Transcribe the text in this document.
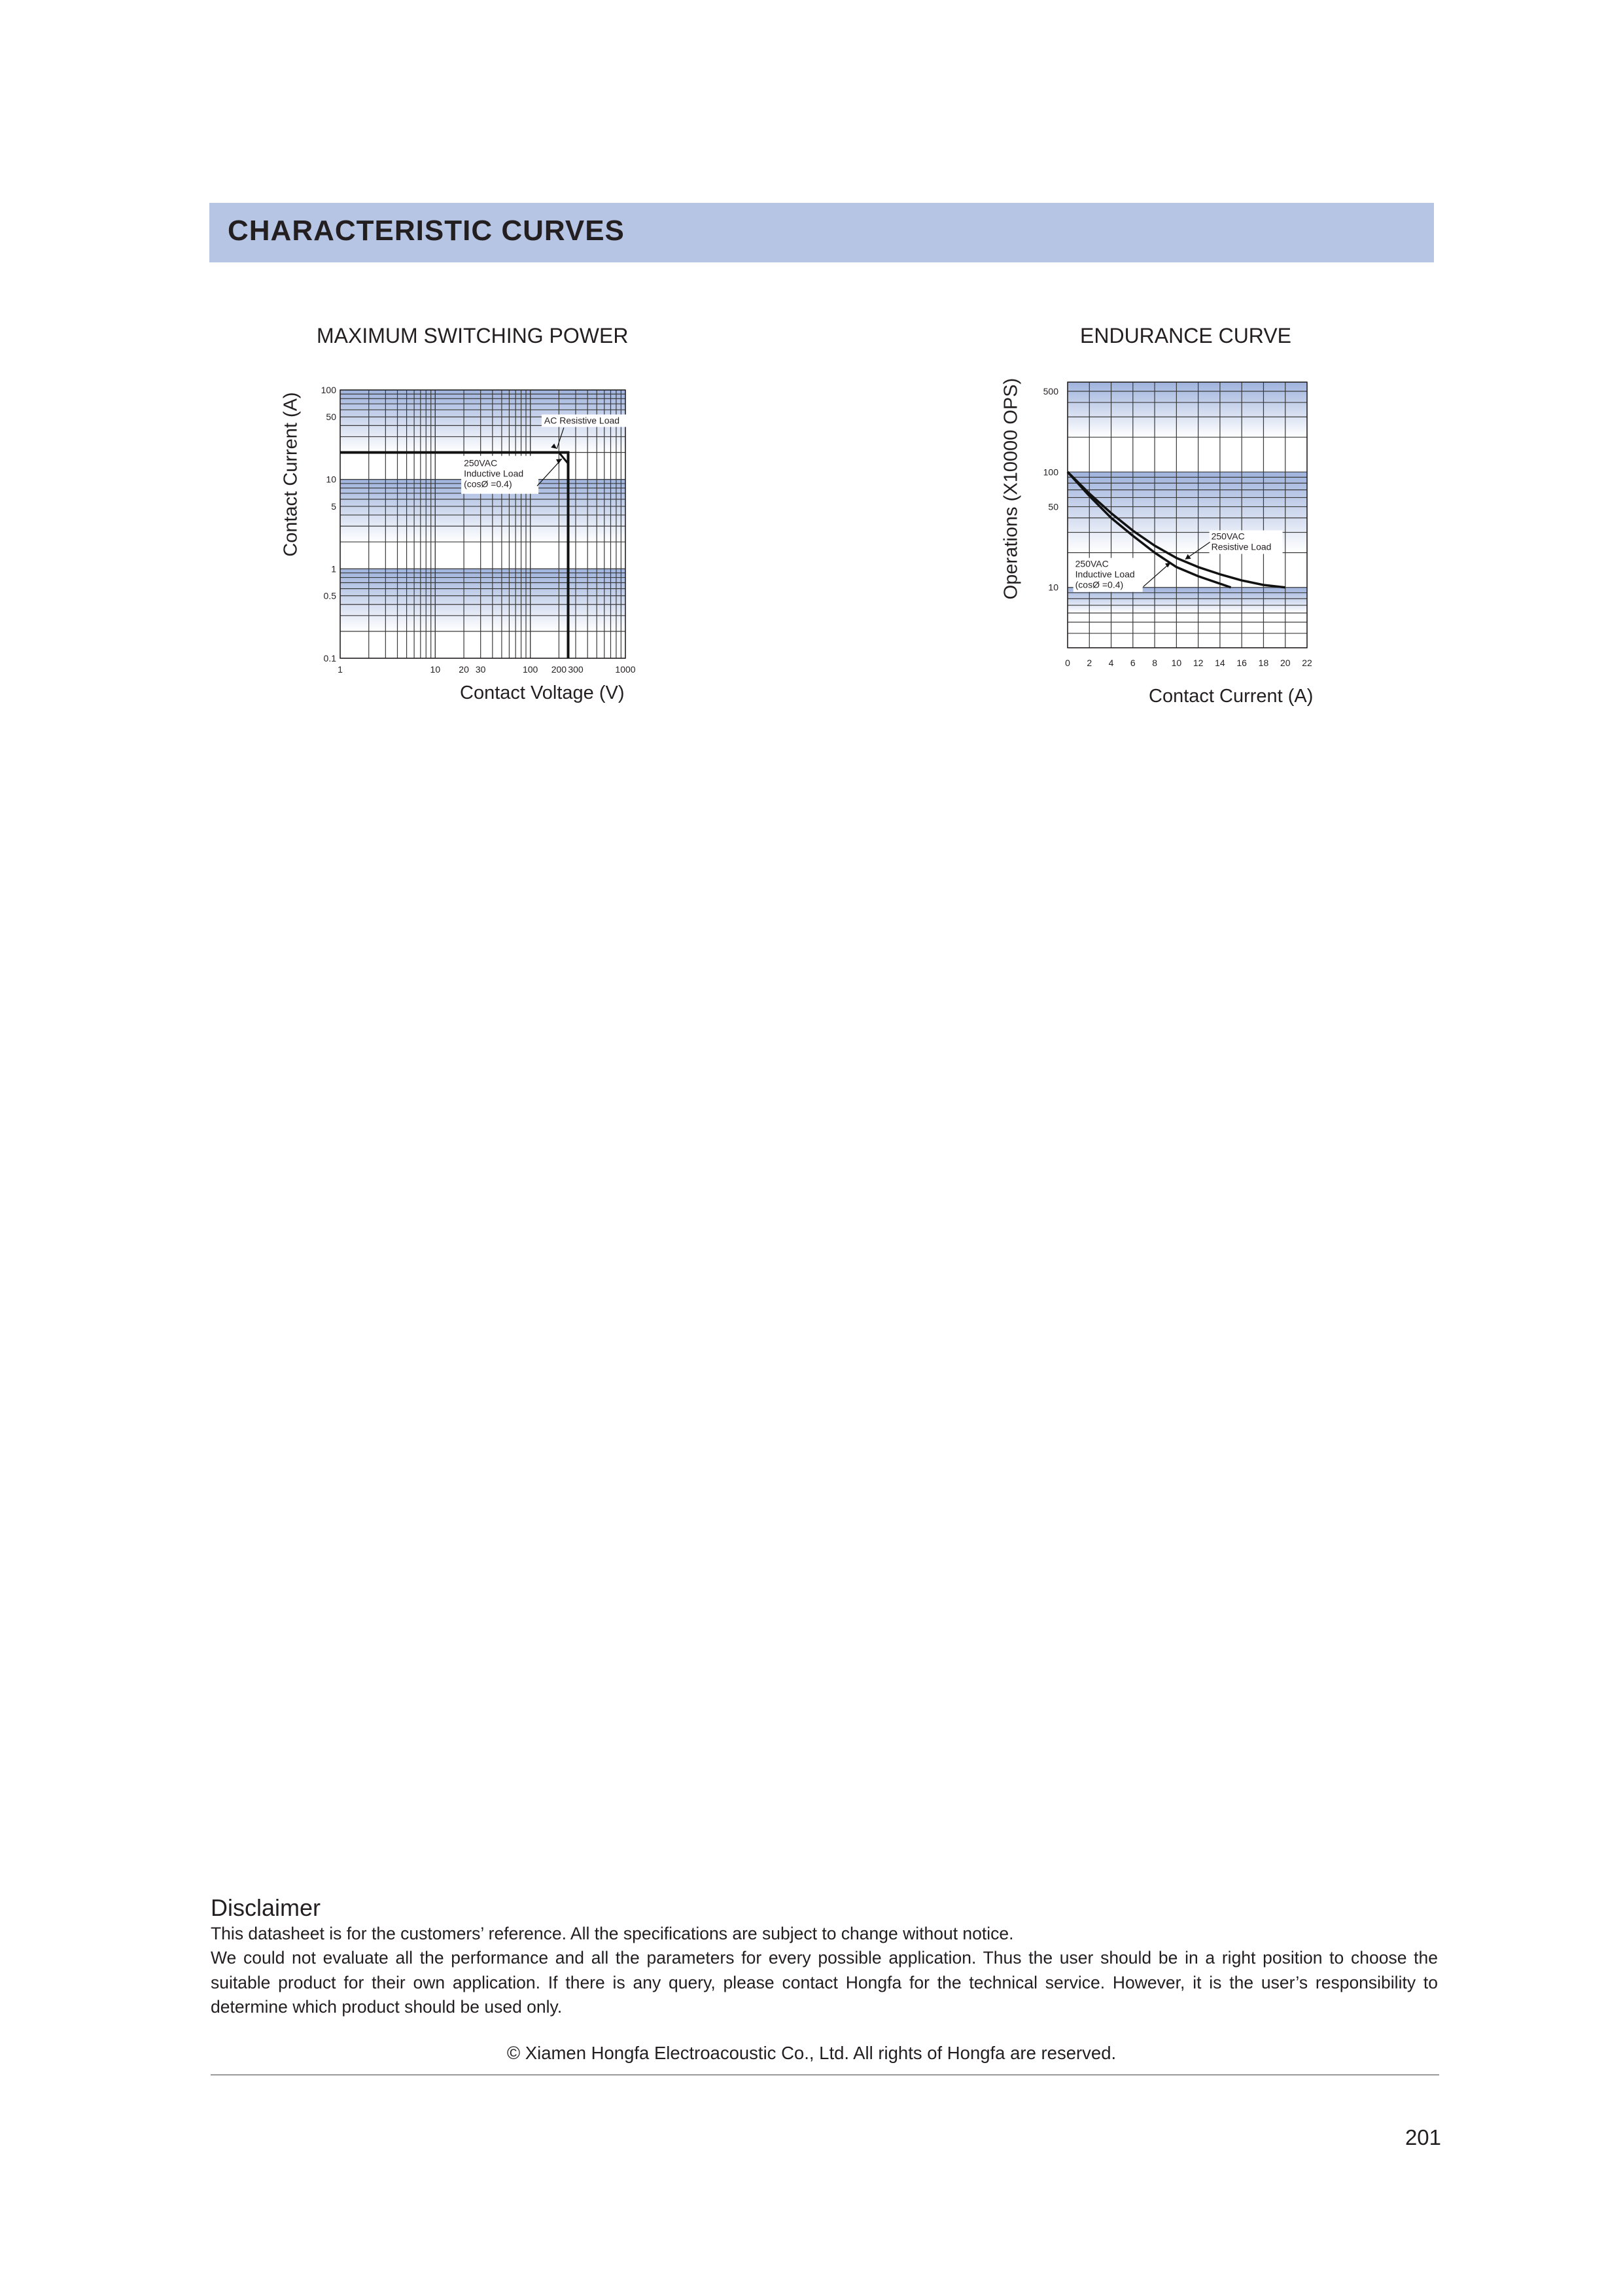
CHARACTERISTIC CURVES
MAXIMUM SWITCHING POWER
1	10 20 30	100 200 300	1000
0.1
0.5
1
5
10
50
100
AC Resistive Load
250VAC
Inductive Load
(cosØ =0.4)
Contact Voltage (V)
Contact Current (A)
ENDURANCE CURVE
0 2 4 6 8 10 12 14 16 18 20 22
10
50
100
500
250VAC
Resistive Load
250VAC
Inductive Load
(cosØ =0.4)
Contact Current (A)
Operations (X10000 OPS)
Disclaimer
This datasheet is for the customers’ reference. All the specifications are subject to change without notice.
We could not evaluate all the performance and all the parameters for every possible application. Thus the user should be in a right position to choose the suitable product for their own application. If there is any query, please contact Hongfa for the technical service. However, it is the user’s responsibility to determine which product should be used only.
© Xiamen Hongfa Electroacoustic Co., Ltd. All rights of Hongfa are reserved.
201
